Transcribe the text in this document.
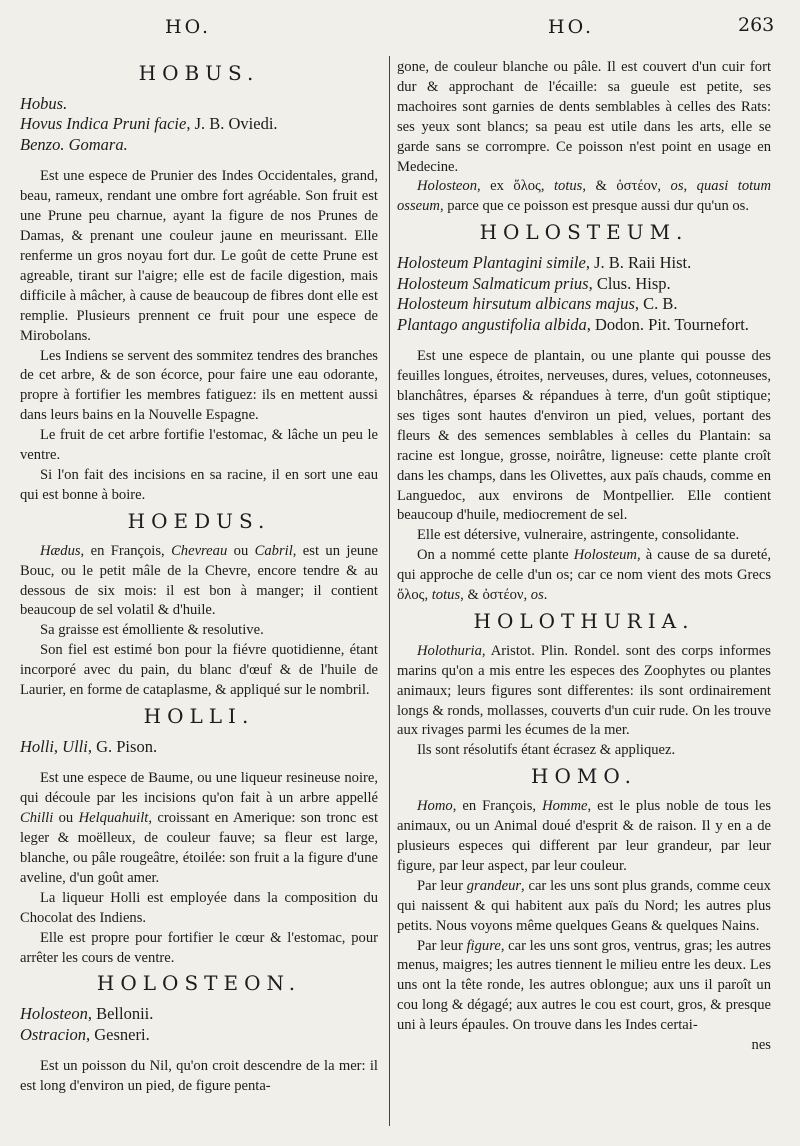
HO.	HO.	263
HOBUS.

Hobus.

Hovus Indica Pruni facie, J. B. Oviedi.

Benzo. Gomara.

Est une espece de Prunier des Indes Occidentales, grand, beau, rameux, rendant une ombre fort agréable. Son fruit est une Prune peu charnue, ayant la figure de nos Prunes de Damas, & prenant une couleur jaune en meurissant. Elle renferme un gros noyau fort dur. Le goût de cette Prune est agreable, tirant sur l'aigre; elle est de facile digestion, mais difficile à mâcher, à cause de beaucoup de fibres dont elle est remplie. Plusieurs prennent ce fruit pour une espece de Mirobolans.

Les Indiens se servent des sommitez tendres des branches de cet arbre, & de son écorce, pour faire une eau odorante, propre à fortifier les membres fatiguez: ils en mettent aussi dans leurs bains en la Nouvelle Espagne.

Le fruit de cet arbre fortifie l'estomac, & lâche un peu le ventre.

Si l'on fait des incisions en sa racine, il en sort une eau qui est bonne à boire.

HOEDUS.

Hædus, en François, Chevreau ou Cabril, est un jeune Bouc, ou le petit mâle de la Chevre, encore tendre & au dessous de six mois: il est bon à manger; il contient beaucoup de sel volatil & d'huile.

Sa graisse est émolliente & resolutive.

Son fiel est estimé bon pour la fiévre quotidienne, étant incorporé avec du pain, du blanc d'œuf & de l'huile de Laurier, en forme de cataplasme, & appliqué sur le nombril.

HOLLI.

Holli, Ulli, G. Pison.

Est une espece de Baume, ou une liqueur resineuse noire, qui découle par les incisions qu'on fait à un arbre appellé Chilli ou Helquahuilt, croissant en Amerique: son tronc est leger & moëlleux, de couleur fauve; sa fleur est large, blanche, ou pâle rougeâtre, étoilée: son fruit a la figure d'une aveline, d'un goût amer.

La liqueur Holli est employée dans la composition du Chocolat des Indiens.

Elle est propre pour fortifier le cœur & l'estomac, pour arrêter les cours de ventre.

HOLOSTEON.

Holosteon, Bellonii.

Ostracion, Gesneri.

Est un poisson du Nil, qu'on croit descendre de la mer: il est long d'environ un pied, de figure penta-

gone, de couleur blanche ou pâle. Il est couvert d'un cuir fort dur & approchant de l'écaille: sa gueule est petite, ses machoires sont garnies de dents semblables à celles des Rats: ses yeux sont blancs; sa peau est utile dans les arts, elle se garde sans se corrompre. Ce poisson n'est point en usage en Medecine.

Holosteon, ex ὅλος, totus, & ὀστέον, os, quasi totum osseum, parce que ce poisson est presque aussi dur qu'un os.

HOLOSTEUM.

Holosteum Plantagini simile, J. B. Raii Hist.

Holosteum Salmaticum prius, Clus. Hisp.

Holosteum hirsutum albicans majus, C. B.

Plantago angustifolia albida, Dodon. Pit. Tournefort.

Est une espece de plantain, ou une plante qui pousse des feuilles longues, étroites, nerveuses, dures, velues, cotonneuses, blanchâtres, éparses & répandues à terre, d'un goût stiptique; ses tiges sont hautes d'environ un pied, velues, portant des fleurs & des semences semblables à celles du Plantain: sa racine est longue, grosse, noirâtre, ligneuse: cette plante croît dans les champs, dans les Olivettes, aux païs chauds, comme en Languedoc, aux environs de Montpellier. Elle contient beaucoup d'huile, mediocrement de sel.

Elle est détersive, vulneraire, astringente, consolidante.

On a nommé cette plante Holosteum, à cause de sa dureté, qui approche de celle d'un os; car ce nom vient des mots Grecs ὅλος, totus, & ὀστέον, os.

HOLOTHURIA.

Holothuria, Aristot. Plin. Rondel. sont des corps informes marins qu'on a mis entre les especes des Zoophytes ou plantes animaux; leurs figures sont differentes: ils sont ordinairement longs & ronds, mollasses, couverts d'un cuir rude. On les trouve aux rivages parmi les écumes de la mer.

Ils sont résolutifs étant écrasez & appliquez.

HOMO.

Homo, en François, Homme, est le plus noble de tous les animaux, ou un Animal doué d'esprit & de raison. Il y en a de plusieurs especes qui different par leur grandeur, par leur figure, par leur aspect, par leur couleur.

Par leur grandeur, car les uns sont plus grands, comme ceux qui naissent & qui habitent aux païs du Nord; les autres plus petits. Nous voyons même quelques Geans & quelques Nains.

Par leur figure, car les uns sont gros, ventrus, gras; les autres menus, maigres; les autres tiennent le milieu entre les deux. Les uns ont la tête ronde, les autres oblongue; aux uns il paroît un cou long & dégagé; aux autres le cou est court, gros, & presque uni à leurs épaules. On trouve dans les Indes certai-

nes
